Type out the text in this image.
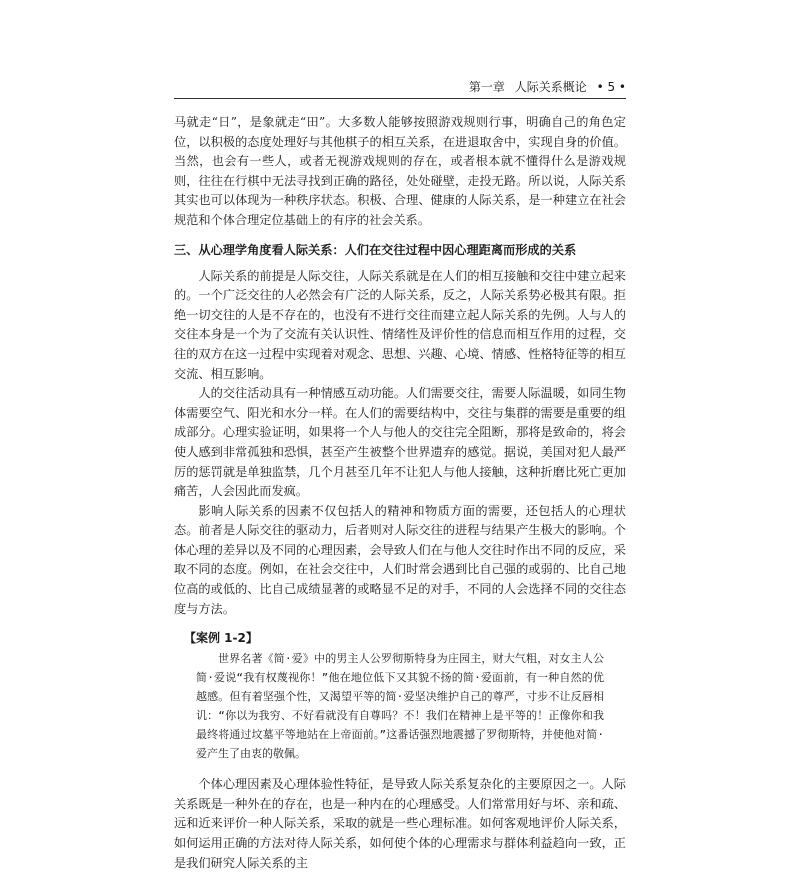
第一章 人际关系概论 • 5 •

马就走“日”，是象就走“田”。大多数人能够按照游戏规则行事，明确自己的角色定位，以积极的态度处理好与其他棋子的相互关系，在进退取舍中，实现自身的价值。当然，也会有一些人，或者无视游戏规则的存在，或者根本就不懂得什么是游戏规则，往往在行棋中无法寻找到正确的路径，处处碰壁，走投无路。所以说，人际关系其实也可以体现为一种秩序状态。积极、合理、健康的人际关系，是一种建立在社会规范和个体合理定位基础上的有序的社会关系。

三、从心理学角度看人际关系：人们在交往过程中因心理距离而形成的关系

人际关系的前提是人际交往，人际关系就是在人们的相互接触和交往中建立起来的。一个广泛交往的人必然会有广泛的人际关系，反之，人际关系势必极其有限。拒绝一切交往的人是不存在的，也没有不进行交往而建立起人际关系的先例。人与人的交往本身是一个为了交流有关认识性、情绪性及评价性的信息而相互作用的过程，交往的双方在这一过程中实现着对观念、思想、兴趣、心境、情感、性格特征等的相互交流、相互影响。

人的交往活动具有一种情感互动功能。人们需要交往，需要人际温暖，如同生物体需要空气、阳光和水分一样。在人们的需要结构中，交往与集群的需要是重要的组成部分。心理实验证明，如果将一个人与他人的交往完全阻断，那将是致命的，将会使人感到非常孤独和恐惧，甚至产生被整个世界遗弃的感觉。据说，美国对犯人最严厉的惩罚就是单独监禁，几个月甚至几年不让犯人与他人接触，这种折磨比死亡更加痛苦，人会因此而发疯。

影响人际关系的因素不仅包括人的精神和物质方面的需要，还包括人的心理状态。前者是人际交往的驱动力，后者则对人际交往的进程与结果产生极大的影响。个体心理的差异以及不同的心理因素，会导致人们在与他人交往时作出不同的反应，采取不同的态度。例如，在社会交往中，人们时常会遇到比自己强的或弱的、比自己地位高的或低的、比自己成绩显著的或略显不足的对手，不同的人会选择不同的交往态度与方法。

【案例 1-2】
世界名著《简·爱》中的男主人公罗彻斯特身为庄园主，财大气粗，对女主人公简·爱说“我有权蔑视你！”他在地位低下又其貌不扬的简·爱面前，有一种自然的优越感。但有着坚强个性，又渴望平等的简·爱坚决维护自己的尊严，寸步不让反唇相讥：“你以为我穷、不好看就没有自尊吗？不！我们在精神上是平等的！正像你和我最终将通过坟墓平等地站在上帝面前。”这番话强烈地震撼了罗彻斯特，并使他对简·爱产生了由衷的敬佩。

个体心理因素及心理体验性特征，是导致人际关系复杂化的主要原因之一。人际关系既是一种外在的存在，也是一种内在的心理感受。人们常常用好与坏、亲和疏、远和近来评价一种人际关系，采取的就是一些心理标准。如何客观地评价人际关系，如何运用正确的方法对待人际关系，如何使个体的心理需求与群体利益趋向一致，正是我们研究人际关系的主
